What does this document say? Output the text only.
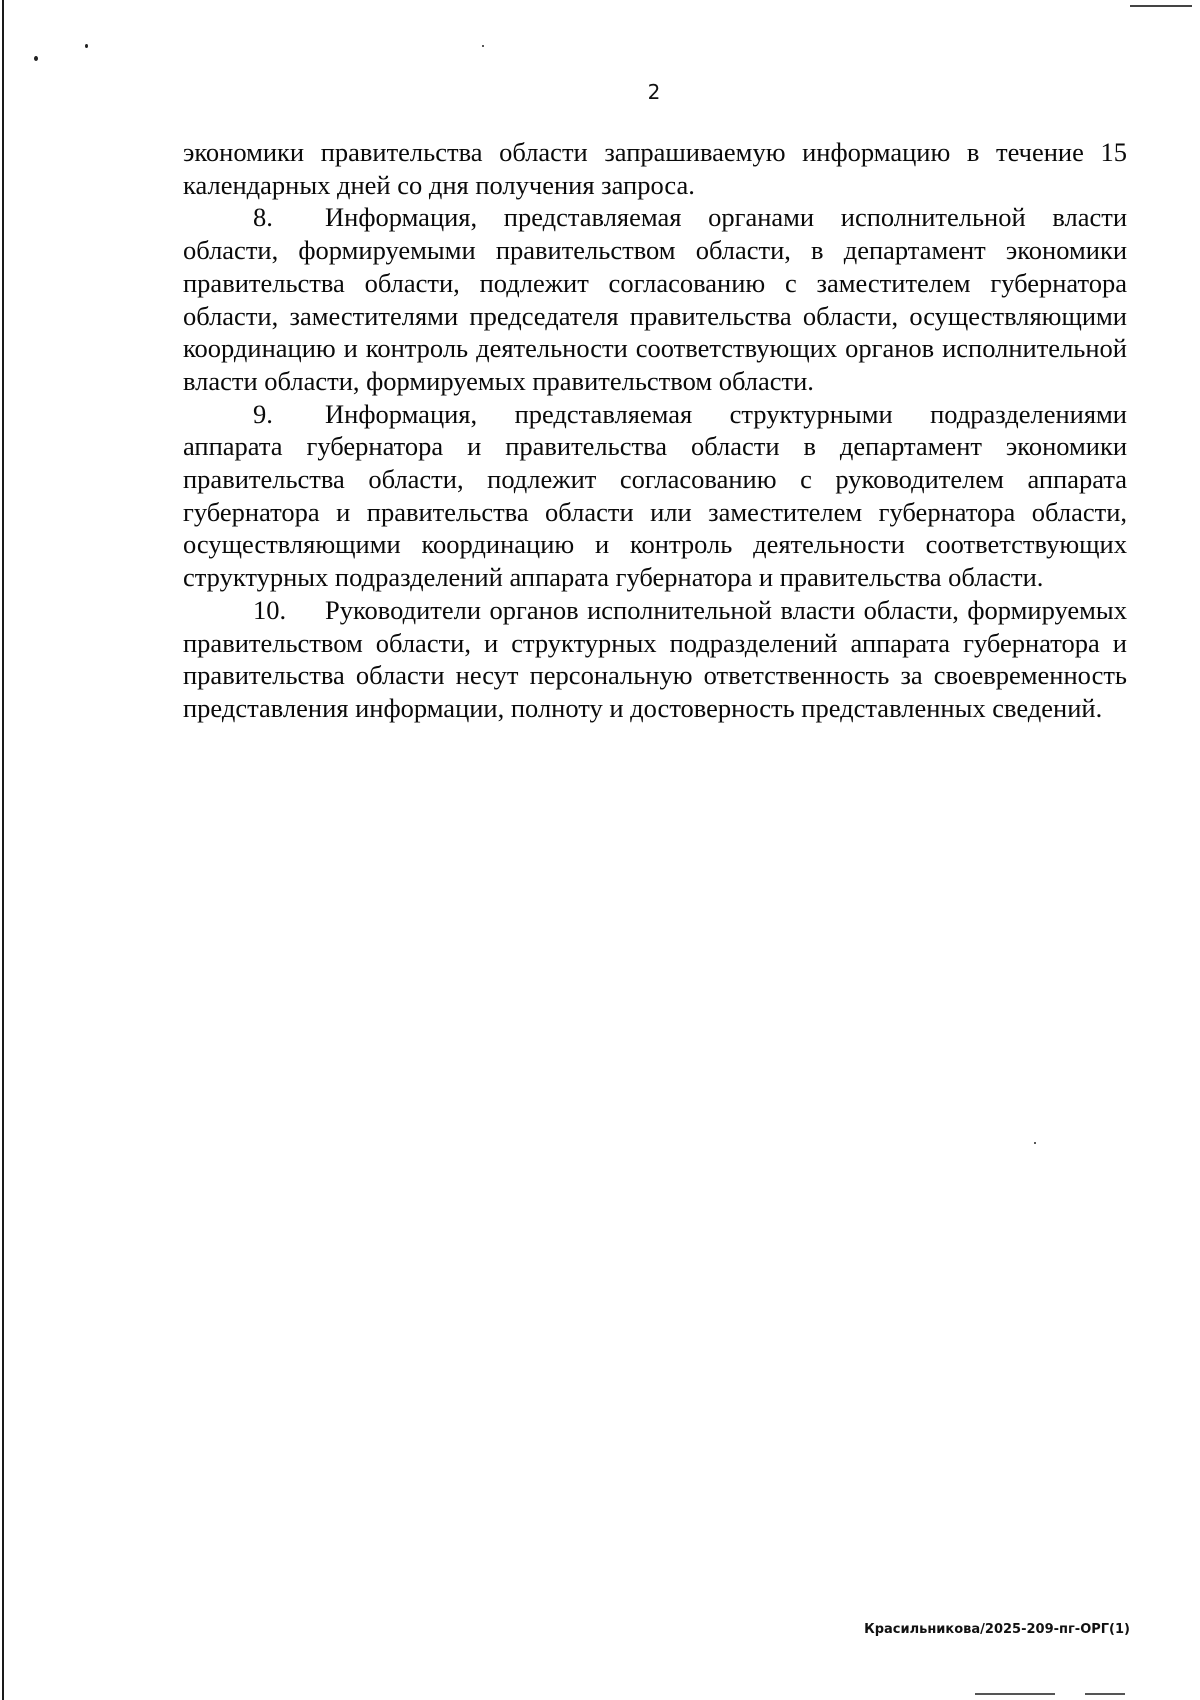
2

экономики правительства области запрашиваемую информацию в течение 15 календарных дней со дня получения запроса.

8. Информация, представляемая органами исполнительной власти области, формируемыми правительством области, в департамент экономики правительства области, подлежит согласованию с заместителем губернатора области, заместителями председателя правительства области, осуществляющими координацию и контроль деятельности соответствующих органов исполнительной власти области, формируемых правительством области.

9. Информация, представляемая структурными подразделениями аппарата губернатора и правительства области в департамент экономики правительства области, подлежит согласованию с руководителем аппарата губернатора и правительства области или заместителем губернатора области, осуществляющими координацию и контроль деятельности соответствующих структурных подразделений аппарата губернатора и правительства области.

10. Руководители органов исполнительной власти области, формируемых правительством области, и структурных подразделений аппарата губернатора и правительства области несут персональную ответственность за своевременность представления информации, полноту и достоверность представленных сведений.

Красильникова/2025-209-пг-ОРГ(1)
